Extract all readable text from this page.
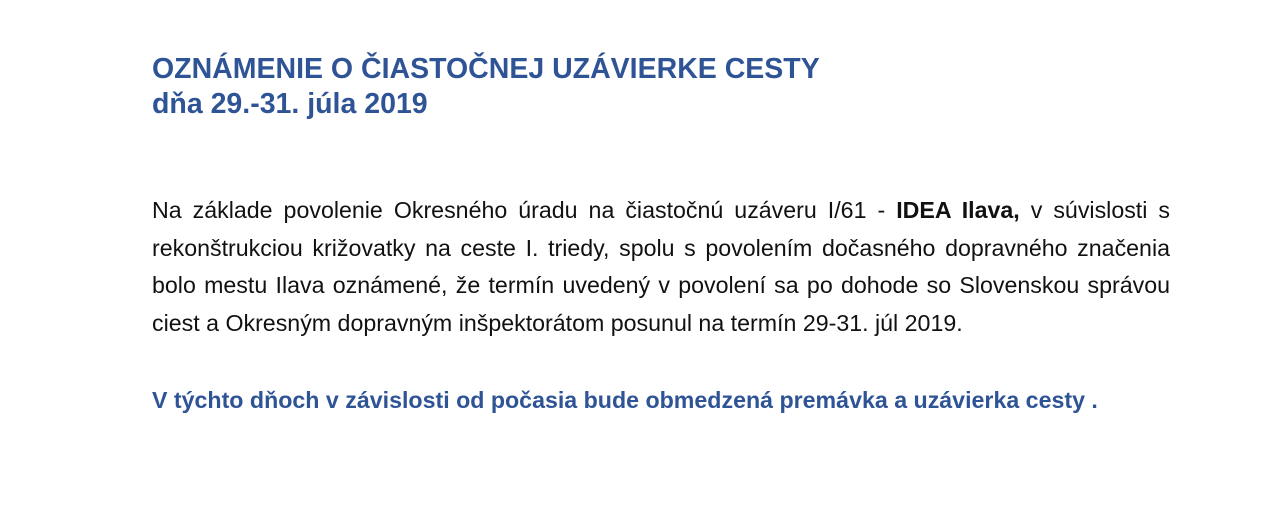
OZNÁMENIE O ČIASTOČNEJ UZÁVIERKE CESTY
dňa 29.-31. júla 2019

Na základe povolenie Okresného úradu na čiastočnú uzáveru I/61 - IDEA Ilava, v súvislosti s rekonštrukciou križovatky na ceste I. triedy, spolu s povolením dočasného dopravného značenia bolo mestu Ilava oznámené, že termín uvedený v povolení sa po dohode so Slovenskou správou ciest a Okresným dopravným inšpektorátom posunul na termín 29-31. júl 2019.

V týchto dňoch v závislosti od počasia bude obmedzená premávka a uzávierka cesty .
